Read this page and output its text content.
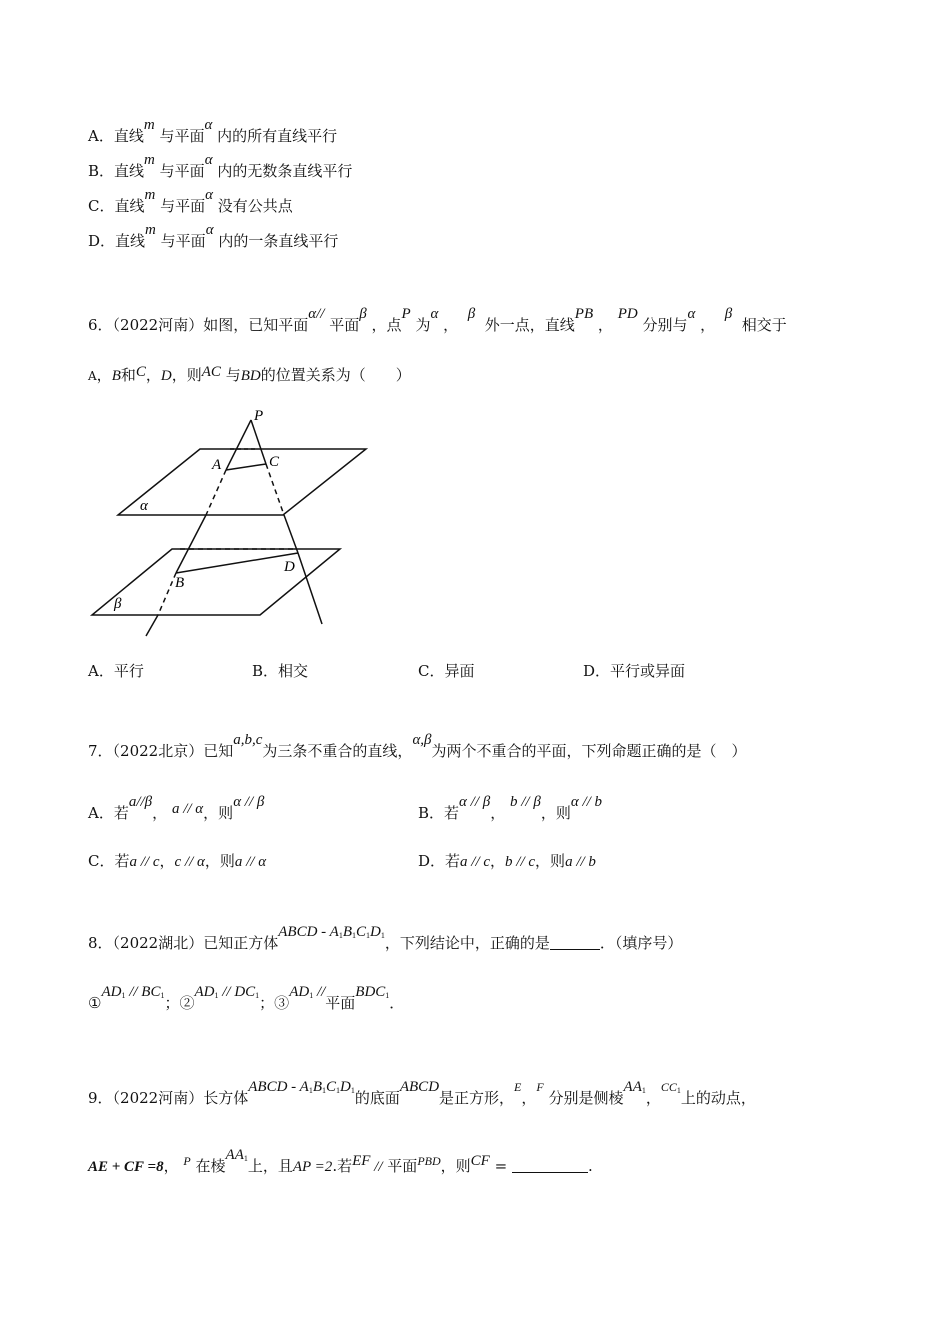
A．直线m 与平面α 内的所有直线平行
B．直线m 与平面α 内的无数条直线平行
C．直线m 与平面α 没有公共点
D．直线m 与平面α 内的一条直线平行
6．（2022河南）如图，已知平面α// 平面β ，点P 为α ，  β  外一点，直线PB ， PD 分别与α ，  β  相交于
A，B和C，D，则AC 与BD的位置关系为（　　）
P
A	C
B
D
α
β
A．平行	B．相交	C．异面	D．平行或异面
7．（2022北京）已知a,b,c为三条不重合的直线，α,β为两个不重合的平面，下列命题正确的是（　）
A．若a//β， a // α，则α // β
B．若α // β， b // β，则α // b
C．若a // c，c // α，则a // α	D．若a // c，b // c，则a // b
8．（2022湖北）已知正方体ABCD - $A_1B_1C_1D_1$，下列结论中，正确的是	．（填序号）
$①AD_1 // BC_1$；$②AD_1 // DC_1$；$③AD_1$ //平面$BDC_1$．
9．（2022河南）长方体ABCD - $A_1B_1C_1D_1$的底面ABCD是正方形，$^E$，$^F$ 分别是侧棱$AA_1$，$^{CC_1}$上的动点，
AE + CF =8， $^P$ 在棱$AA_1$上，且AP =2.若EF // 平面$^{PBD}$，则CF =	.
